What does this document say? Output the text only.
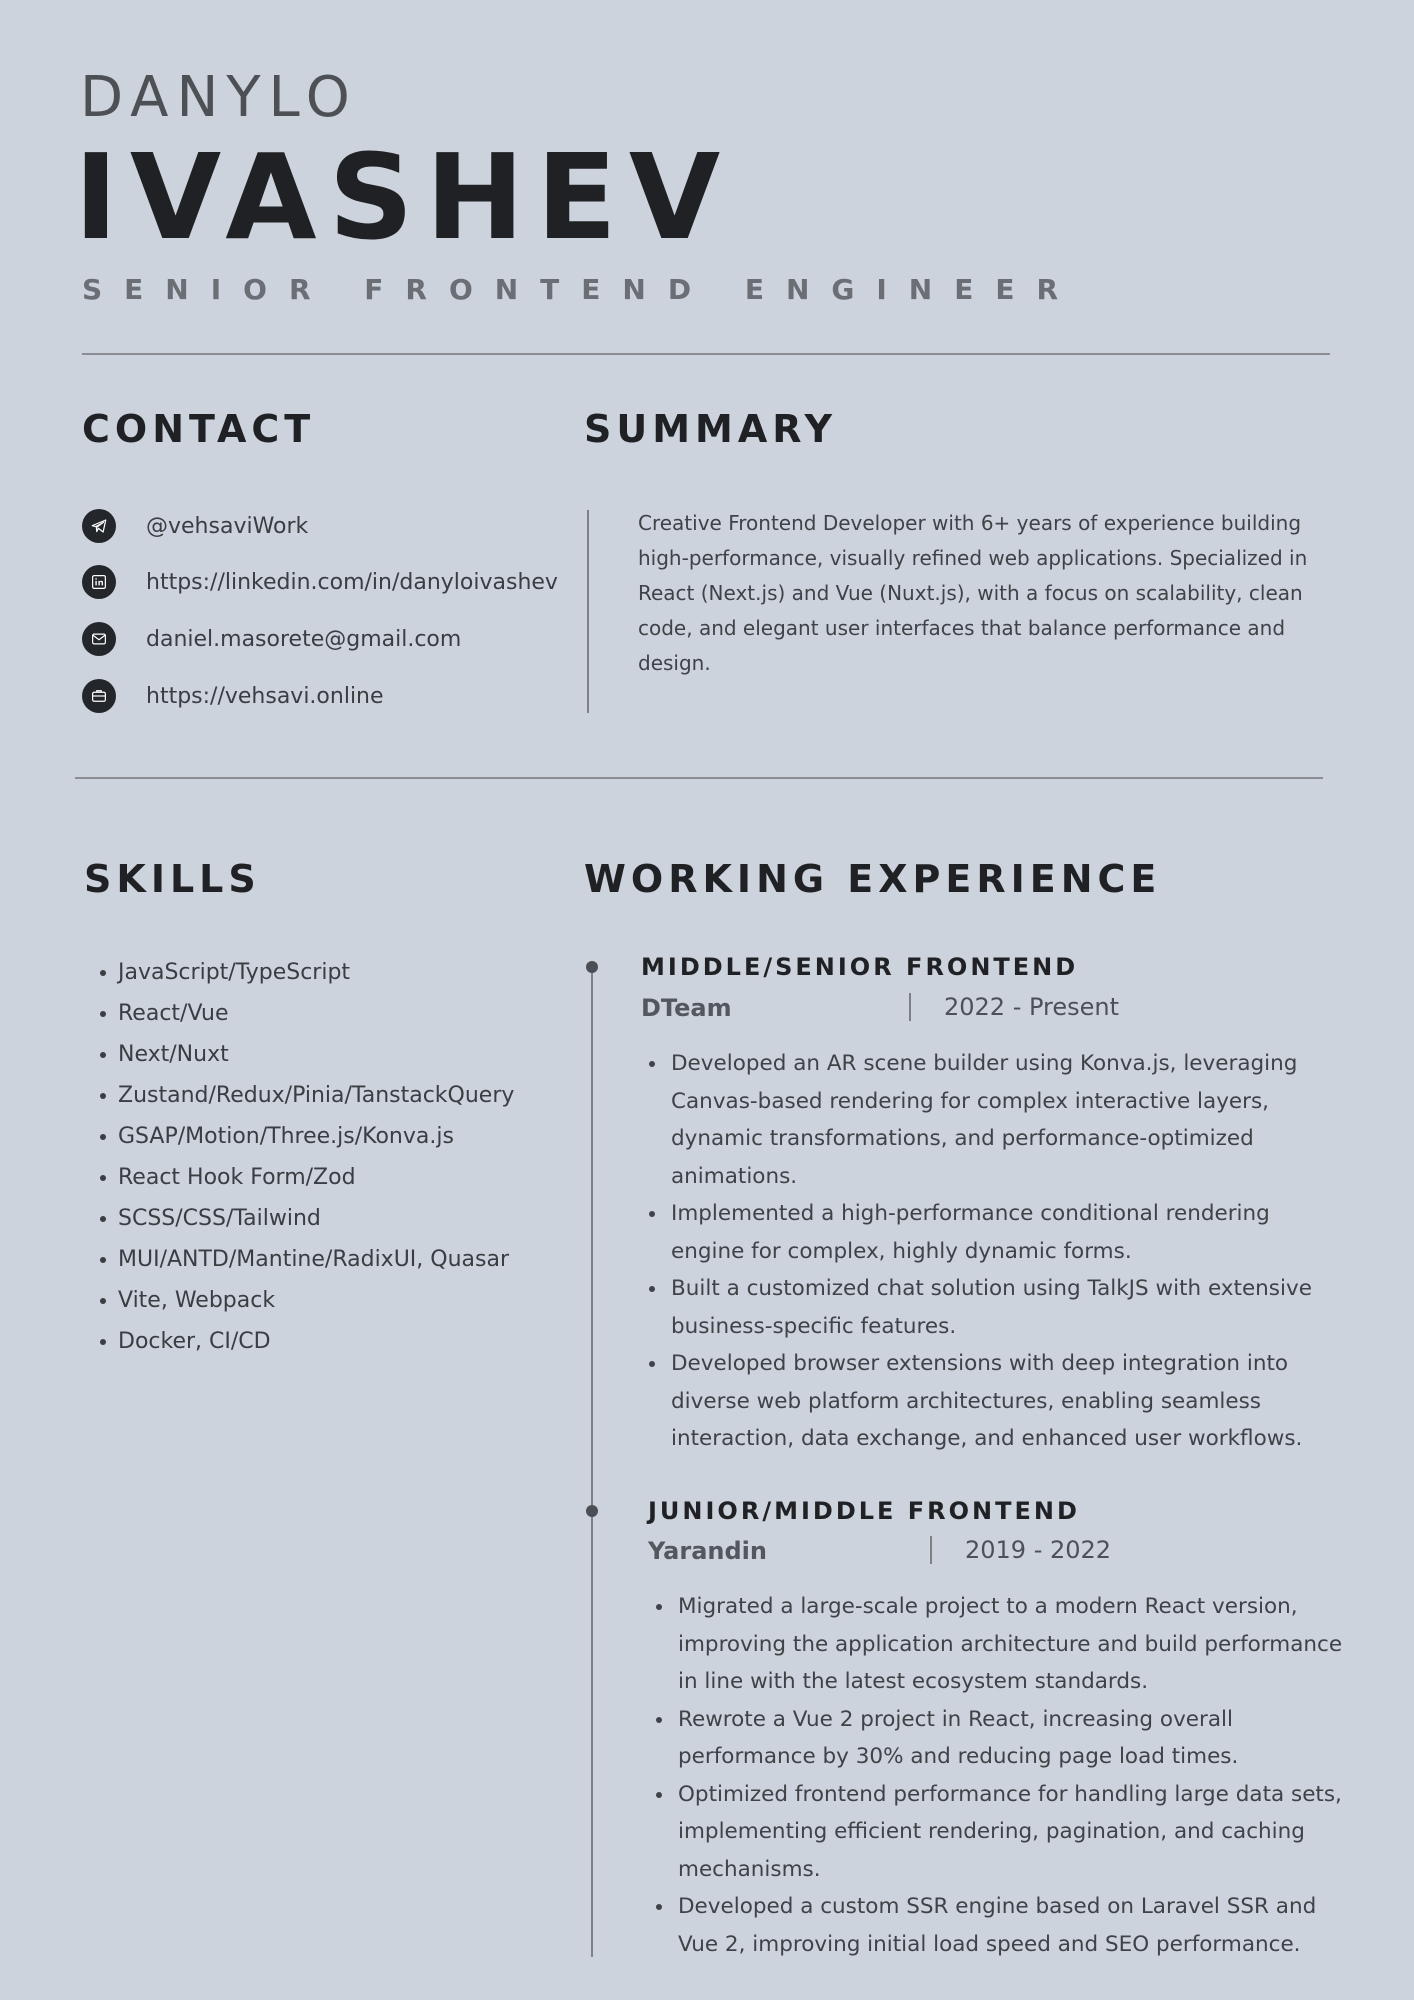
DANYLO
IVASHEV
SENIOR FRONTEND ENGINEER
CONTACT
@vehsaviWork
https://linkedin.com/in/danyloivashev
daniel.masorete@gmail.com
https://vehsavi.online
SUMMARY
Creative Frontend Developer with 6+ years of experience building high-performance, visually refined web applications. Specialized in React (Next.js) and Vue (Nuxt.js), with a focus on scalability, clean code, and elegant user interfaces that balance performance and design.
SKILLS
JavaScript/TypeScript
React/Vue
Next/Nuxt
Zustand/Redux/Pinia/TanstackQuery
GSAP/Motion/Three.js/Konva.js
React Hook Form/Zod
SCSS/CSS/Tailwind
MUI/ANTD/Mantine/RadixUI, Quasar
Vite, Webpack
Docker, CI/CD
WORKING EXPERIENCE
MIDDLE/SENIOR FRONTEND
DTeam	2022 - Present
Developed an AR scene builder using Konva.js, leveraging Canvas-based rendering for complex interactive layers, dynamic transformations, and performance-optimized animations.
Implemented a high-performance conditional rendering engine for complex, highly dynamic forms.
Built a customized chat solution using TalkJS with extensive business-specific features.
Developed browser extensions with deep integration into diverse web platform architectures, enabling seamless interaction, data exchange, and enhanced user workflows.
JUNIOR/MIDDLE FRONTEND
Yarandin	2019 - 2022
Migrated a large-scale project to a modern React version, improving the application architecture and build performance in line with the latest ecosystem standards.
Rewrote a Vue 2 project in React, increasing overall performance by 30% and reducing page load times.
Optimized frontend performance for handling large data sets, implementing efficient rendering, pagination, and caching mechanisms.
Developed a custom SSR engine based on Laravel SSR and Vue 2, improving initial load speed and SEO performance.
